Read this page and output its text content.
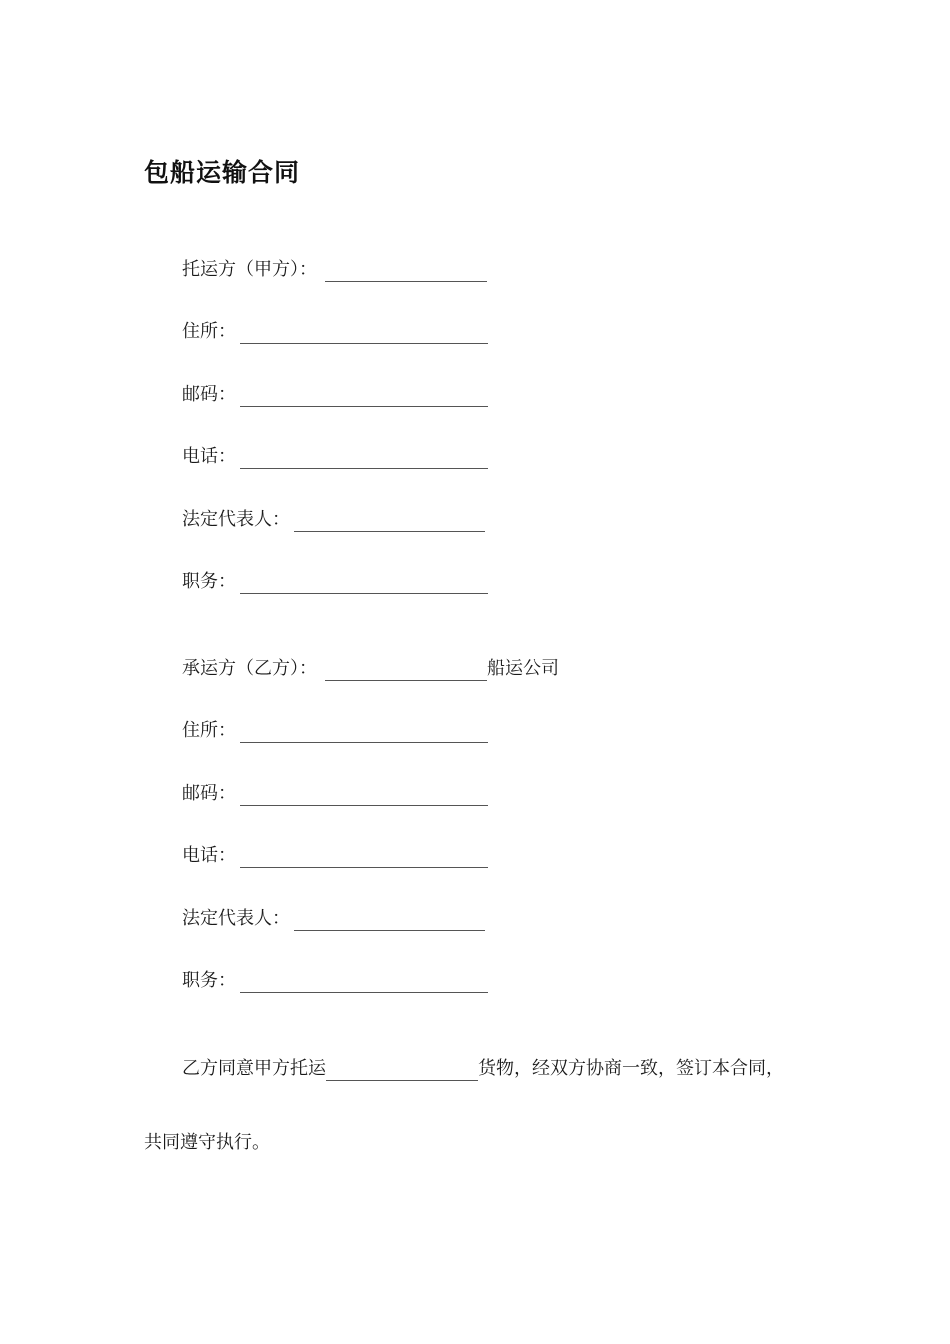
包船运输合同
托运方（甲方）：
住所：
邮码：
电话：
法定代表人：
职务：
承运方（乙方）：	船运公司
住所：
邮码：
电话：
法定代表人：
职务：
乙方同意甲方托运	货物，经双方协商一致，签订本合同，
共同遵守执行。
